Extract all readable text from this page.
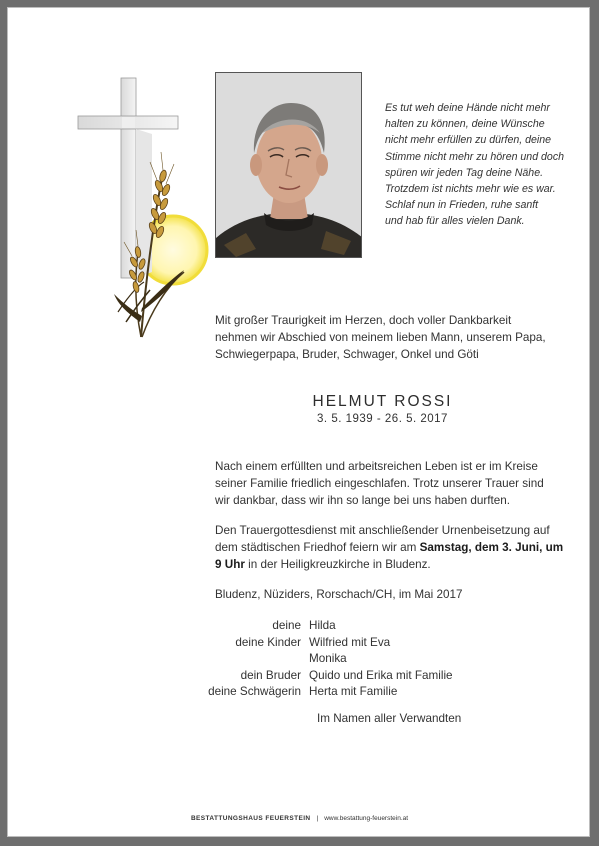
Es tut weh deine Hände nicht mehr
halten zu können, deine Wünsche
nicht mehr erfüllen zu dürfen, deine
Stimme nicht mehr zu hören und doch
spüren wir jeden Tag deine Nähe.
Trotzdem ist nichts mehr wie es war.
Schlaf nun in Frieden, ruhe sanft
und hab für alles vielen Dank.
Mit großer Traurigkeit im Herzen, doch voller Dankbarkeit
nehmen wir Abschied von meinem lieben Mann, unserem Papa,
Schwiegerpapa, Bruder, Schwager, Onkel und Göti
HELMUT ROSSI
3. 5. 1939 - 26. 5. 2017
Nach einem erfüllten und arbeitsreichen Leben ist er im Kreise
seiner Familie friedlich eingeschlafen. Trotz unserer Trauer sind
wir dankbar, dass wir ihn so lange bei uns haben durften.
Den Trauergottesdienst mit anschließender Urnenbeisetzung auf dem städtischen Friedhof feiern wir am Samstag, dem 3. Juni, um 9 Uhr in der Heiligkreuzkirche in Bludenz.
Bludenz, Nüziders, Rorschach/CH, im Mai 2017
deine Hilda
deine Kinder Wilfried mit Eva
Monika
dein Bruder Quido und Erika mit Familie
deine Schwägerin Herta mit Familie
Im Namen aller Verwandten
BESTATTUNGSHAUS FEUERSTEIN | www.bestattung-feuerstein.at
